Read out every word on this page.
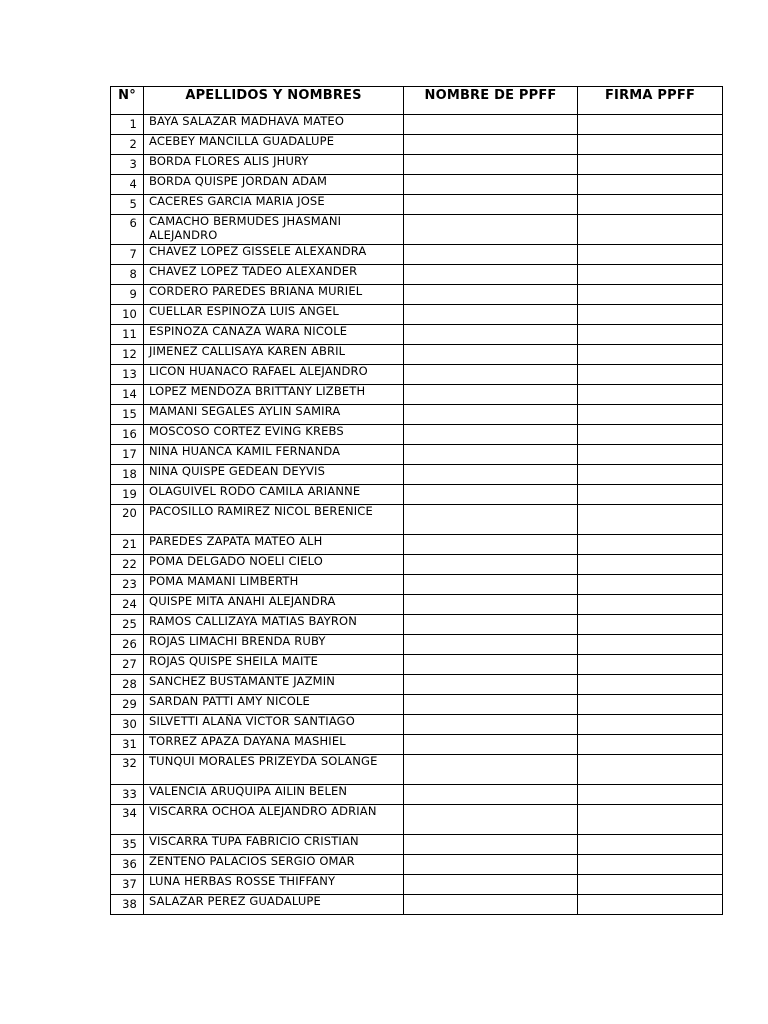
N°	APELLIDOS Y NOMBRES	NOMBRE DE PPFF	FIRMA PPFF
1	BAYA SALAZAR MADHAVA MATEO		
2	ACEBEY MANCILLA GUADALUPE		
3	BORDA FLORES ALIS JHURY		
4	BORDA QUISPE JORDAN ADAM		
5	CACERES GARCIA MARIA JOSE		
6	CAMACHO BERMUDES JHASMANI ALEJANDRO		
7	CHAVEZ LOPEZ GISSELE ALEXANDRA		
8	CHAVEZ LOPEZ TADEO ALEXANDER		
9	CORDERO PAREDES BRIANA MURIEL		
10	CUELLAR ESPINOZA LUIS ANGEL		
11	ESPINOZA CANAZA WARA NICOLE		
12	JIMENEZ CALLISAYA KAREN ABRIL		
13	LICON HUANACO RAFAEL ALEJANDRO		
14	LOPEZ MENDOZA BRITTANY LIZBETH		
15	MAMANI SEGALES AYLIN SAMIRA		
16	MOSCOSO CORTEZ EVING KREBS		
17	NINA HUANCA KAMIL FERNANDA		
18	NINA QUISPE GEDEAN DEYVIS		
19	OLAGUIVEL RODO CAMILA ARIANNE		
20	PACOSILLO RAMIREZ NICOL BERENICE		
21	PAREDES ZAPATA MATEO ALH		
22	POMA DELGADO NOELI CIELO		
23	POMA MAMANI LIMBERTH		
24	QUISPE MITA ANAHI ALEJANDRA		
25	RAMOS CALLIZAYA MATIAS BAYRON		
26	ROJAS LIMACHI BRENDA RUBY		
27	ROJAS QUISPE SHEILA MAITE		
28	SANCHEZ BUSTAMANTE JAZMIN		
29	SARDAN PATTI AMY NICOLE		
30	SILVETTI ALAÑA VICTOR SANTIAGO		
31	TORREZ APAZA DAYANA MASHIEL		
32	TUNQUI MORALES PRIZEYDA SOLANGE		
33	VALENCIA ARUQUIPA AILIN BELEN		
34	VISCARRA OCHOA ALEJANDRO ADRIAN		
35	VISCARRA TUPA FABRICIO CRISTIAN		
36	ZENTENO PALACIOS SERGIO OMAR		
37	LUNA HERBAS ROSSE THIFFANY		
38	SALAZAR PEREZ GUADALUPE		
